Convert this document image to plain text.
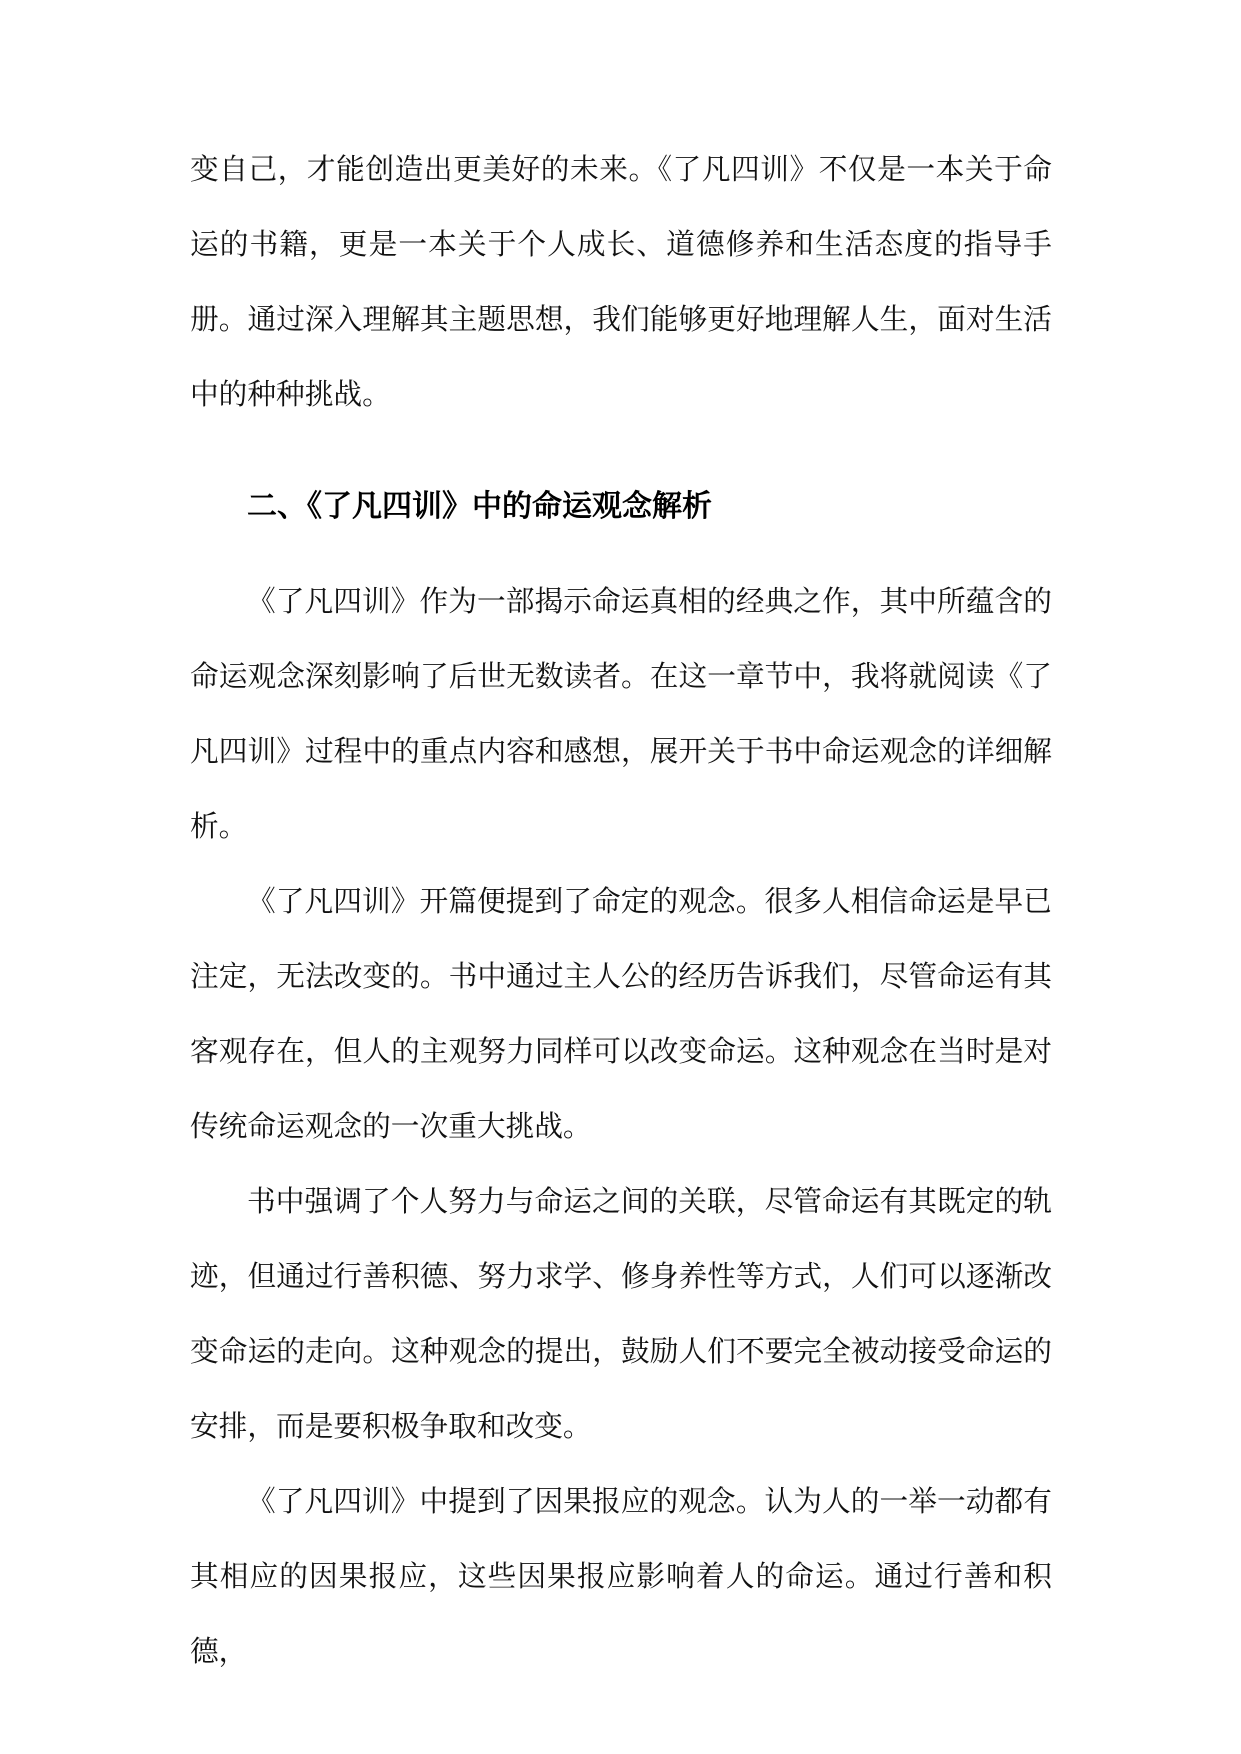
变自己，才能创造出更美好的未来。《了凡四训》不仅是一本关于命运的书籍，更是一本关于个人成长、道德修养和生活态度的指导手册。通过深入理解其主题思想，我们能够更好地理解人生，面对生活中的种种挑战。

二、《了凡四训》中的命运观念解析

《了凡四训》作为一部揭示命运真相的经典之作，其中所蕴含的命运观念深刻影响了后世无数读者。在这一章节中，我将就阅读《了凡四训》过程中的重点内容和感想，展开关于书中命运观念的详细解析。

《了凡四训》开篇便提到了命定的观念。很多人相信命运是早已注定，无法改变的。书中通过主人公的经历告诉我们，尽管命运有其客观存在，但人的主观努力同样可以改变命运。这种观念在当时是对传统命运观念的一次重大挑战。

书中强调了个人努力与命运之间的关联，尽管命运有其既定的轨迹，但通过行善积德、努力求学、修身养性等方式，人们可以逐渐改变命运的走向。这种观念的提出，鼓励人们不要完全被动接受命运的安排，而是要积极争取和改变。

《了凡四训》中提到了因果报应的观念。认为人的一举一动都有其相应的因果报应，这些因果报应影响着人的命运。通过行善和积德，
